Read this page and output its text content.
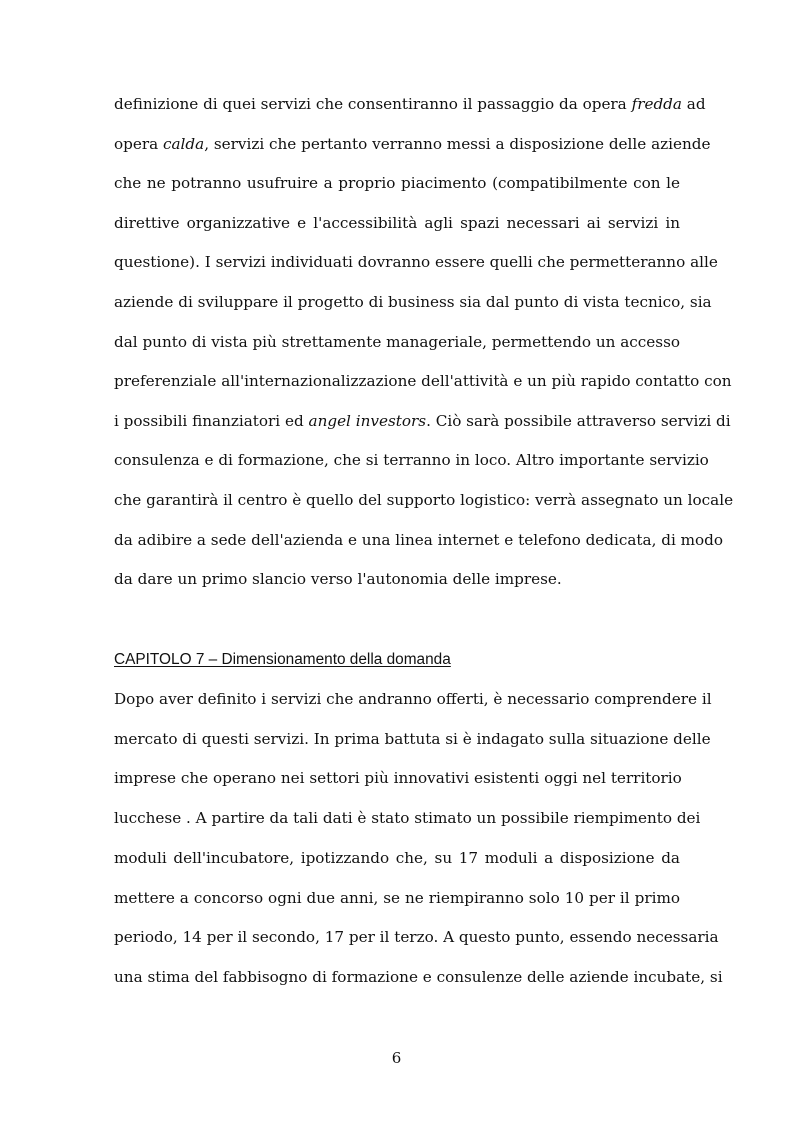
definizione di quei servizi che consentiranno il passaggio da opera fredda ad
opera calda, servizi che pertanto verranno messi a disposizione delle aziende
che ne potranno usufruire a proprio piacimento (compatibilmente con le
direttive organizzative e l'accessibilità agli spazi necessari ai servizi in
questione). I servizi individuati dovranno essere quelli che permetteranno alle
aziende di sviluppare il progetto di business sia dal punto di vista tecnico, sia
dal punto di vista più strettamente manageriale, permettendo un accesso
preferenziale all'internazionalizzazione dell'attività e un più rapido contatto con
i possibili finanziatori ed angel investors. Ciò sarà possibile attraverso servizi di
consulenza e di formazione, che si terranno in loco. Altro importante servizio
che garantirà il centro è quello del supporto logistico: verrà assegnato un locale
da adibire a sede dell'azienda e una linea internet e telefono dedicata, di modo
da dare un primo slancio verso l'autonomia delle imprese.
CAPITOLO 7 – Dimensionamento della domanda
Dopo aver definito i servizi che andranno offerti, è necessario comprendere il
mercato di questi servizi. In prima battuta si è indagato sulla situazione delle
imprese che operano nei settori più innovativi esistenti oggi nel territorio
lucchese . A partire da tali dati è stato stimato un possibile riempimento dei
moduli dell'incubatore, ipotizzando che, su 17 moduli a disposizione da
mettere a concorso ogni due anni, se ne riempiranno solo 10 per il primo
periodo, 14 per il secondo, 17 per il terzo. A questo punto, essendo necessaria
una stima del fabbisogno di formazione e consulenze delle aziende incubate, si
6
